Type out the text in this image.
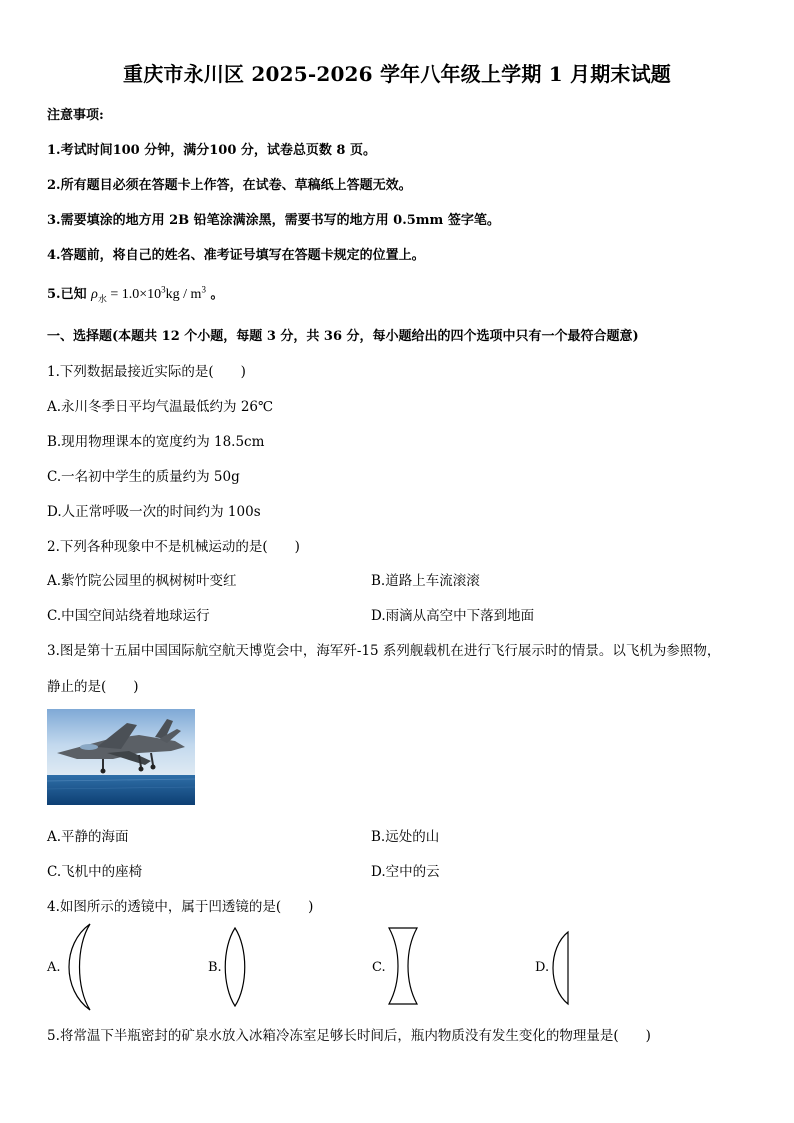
重庆市永川区 2025-2026 学年八年级上学期 1 月期末试题
注意事项:
1.考试时间100 分钟，满分100 分，试卷总页数 8 页。
2.所有题目必须在答题卡上作答，在试卷、草稿纸上答题无效。
3.需要填涂的地方用 2B 铅笔涂满涂黑，需要书写的地方用 0.5mm 签字笔。
4.答题前，将自己的姓名、准考证号填写在答题卡规定的位置上。
5.已知 $\rho_水 = 1.0\times 10^3kg / m^3$ 。
一、选择题(本题共 12 个小题，每题 3 分，共 36 分，每小题给出的四个选项中只有一个最符合题意)
1.下列数据最接近实际的是(　　)
A.永川冬季日平均气温最低约为 26℃
B.现用物理课本的宽度约为 18.5cm
C.一名初中学生的质量约为 50g
D.人正常呼吸一次的时间约为 100s
2.下列各种现象中不是机械运动的是(　　)
A.紫竹院公园里的枫树树叶变红	B.道路上车流滚滚
C.中国空间站绕着地球运行	D.雨滴从高空中下落到地面
3.图是第十五届中国国际航空航天博览会中，海军歼-15 系列舰载机在进行飞行展示时的情景。以飞机为参照物，
静止的是(　　)
A.平静的海面	B.远处的山
C.飞机中的座椅	D.空中的云
4.如图所示的透镜中，属于凹透镜的是(　　)
A.	B.	C.	D.
5.将常温下半瓶密封的矿泉水放入冰箱冷冻室足够长时间后，瓶内物质没有发生变化的物理量是(　　)
